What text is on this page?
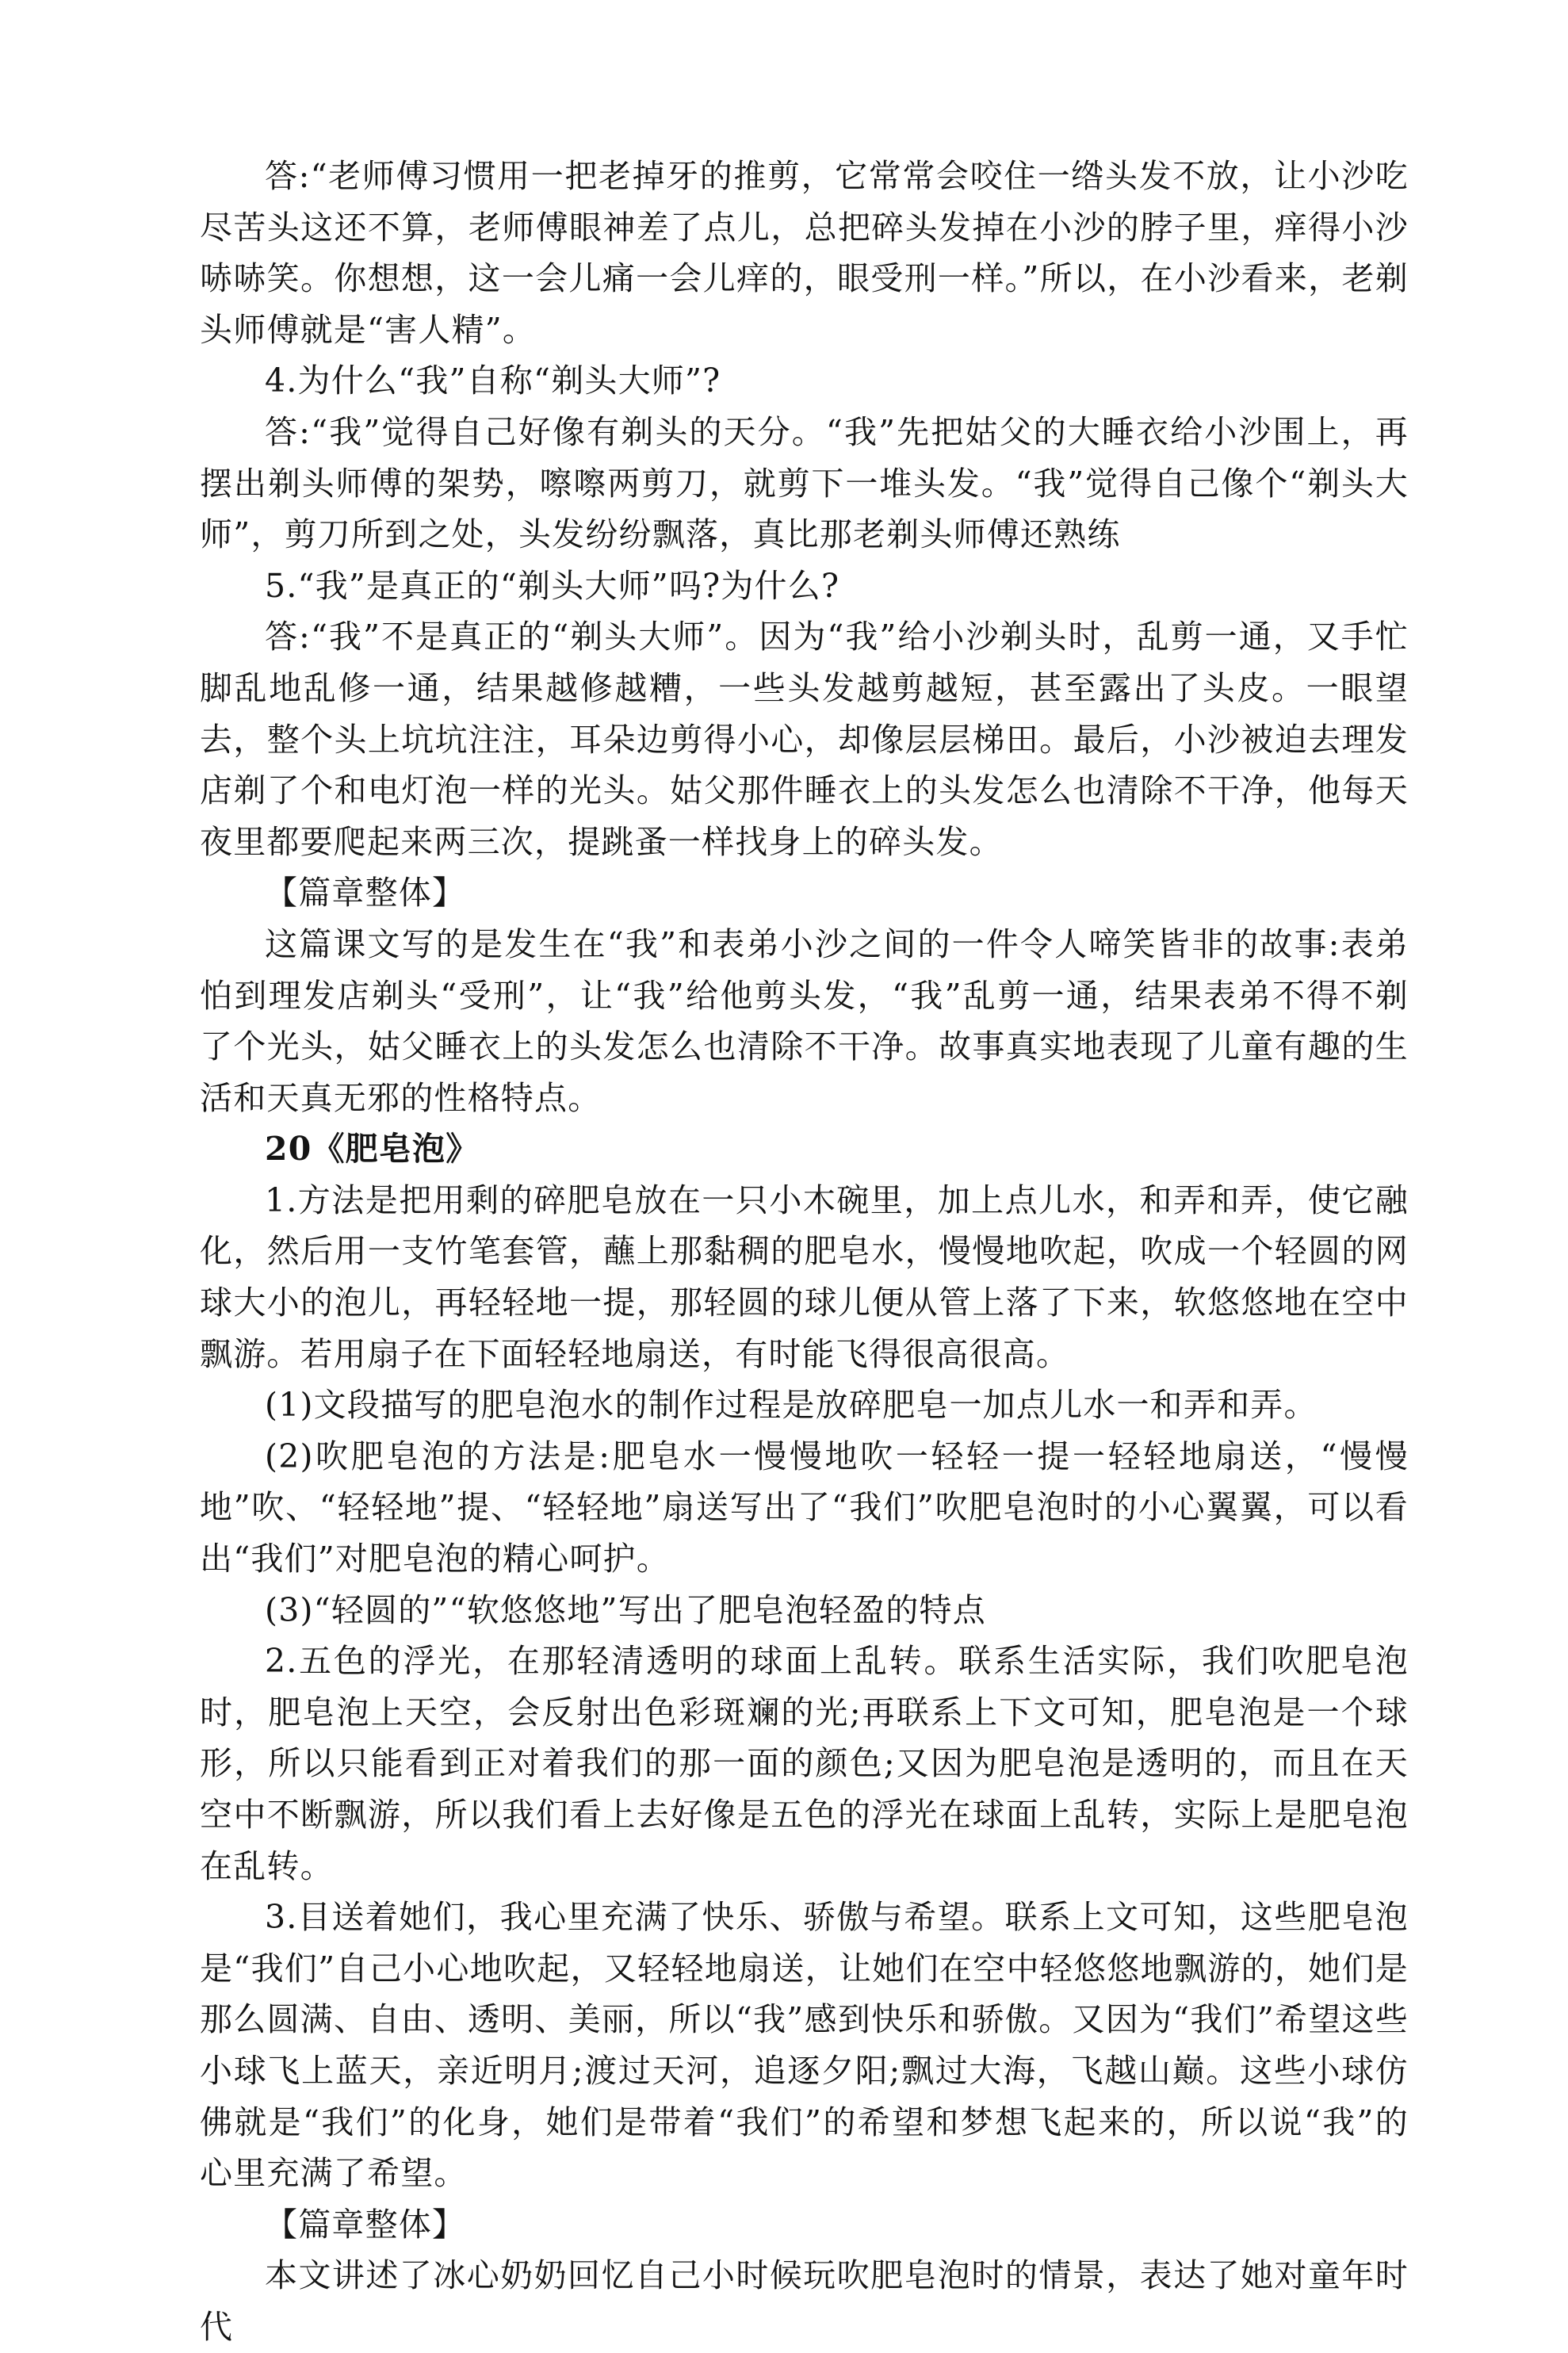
答:“老师傅习惯用一把老掉牙的推剪，它常常会咬住一绺头发不放，让小沙吃尽苦头这还不算，老师傅眼神差了点儿，总把碎头发掉在小沙的脖子里，痒得小沙哧哧笑。你想想，这一会儿痛一会儿痒的，眼受刑一样。”所以，在小沙看来，老剃头师傅就是“害人精”。

4.为什么“我”自称“剃头大师”?

答:“我”觉得自己好像有剃头的天分。“我”先把姑父的大睡衣给小沙围上，再摆出剃头师傅的架势，嚓嚓两剪刀，就剪下一堆头发。“我”觉得自己像个“剃头大师”，剪刀所到之处，头发纷纷飘落，真比那老剃头师傅还熟练

5.“我”是真正的“剃头大师”吗?为什么?

答:“我”不是真正的“剃头大师”。因为“我”给小沙剃头时，乱剪一通，又手忙脚乱地乱修一通，结果越修越糟，一些头发越剪越短，甚至露出了头皮。一眼望去，整个头上坑坑注注，耳朵边剪得小心，却像层层梯田。最后，小沙被迫去理发店剃了个和电灯泡一样的光头。姑父那件睡衣上的头发怎么也清除不干净，他每天夜里都要爬起来两三次，提跳蚤一样找身上的碎头发。

【篇章整体】

这篇课文写的是发生在“我”和表弟小沙之间的一件令人啼笑皆非的故事:表弟怕到理发店剃头“受刑”，让“我”给他剪头发，“我”乱剪一通，结果表弟不得不剃了个光头，姑父睡衣上的头发怎么也清除不干净。故事真实地表现了儿童有趣的生活和天真无邪的性格特点。

20《肥皂泡》

1.方法是把用剩的碎肥皂放在一只小木碗里，加上点儿水，和弄和弄，使它融化，然后用一支竹笔套管，蘸上那黏稠的肥皂水，慢慢地吹起，吹成一个轻圆的网球大小的泡儿，再轻轻地一提，那轻圆的球儿便从管上落了下来，软悠悠地在空中飘游。若用扇子在下面轻轻地扇送，有时能飞得很高很高。

(1)文段描写的肥皂泡水的制作过程是放碎肥皂一加点儿水一和弄和弄。

(2)吹肥皂泡的方法是:肥皂水一慢慢地吹一轻轻一提一轻轻地扇送，“慢慢地”吹、“轻轻地”提、“轻轻地”扇送写出了“我们”吹肥皂泡时的小心翼翼，可以看出“我们”对肥皂泡的精心呵护。

(3)“轻圆的”“软悠悠地”写出了肥皂泡轻盈的特点

2.五色的浮光，在那轻清透明的球面上乱转。联系生活实际，我们吹肥皂泡时，肥皂泡上天空，会反射出色彩斑斓的光;再联系上下文可知，肥皂泡是一个球形，所以只能看到正对着我们的那一面的颜色;又因为肥皂泡是透明的，而且在天空中不断飘游，所以我们看上去好像是五色的浮光在球面上乱转，实际上是肥皂泡在乱转。

3.目送着她们，我心里充满了快乐、骄傲与希望。联系上文可知，这些肥皂泡是“我们”自己小心地吹起，又轻轻地扇送，让她们在空中轻悠悠地飘游的，她们是那么圆满、自由、透明、美丽，所以“我”感到快乐和骄傲。又因为“我们”希望这些小球飞上蓝天，亲近明月;渡过天河，追逐夕阳;飘过大海，飞越山巅。这些小球仿佛就是“我们”的化身，她们是带着“我们”的希望和梦想飞起来的，所以说“我”的心里充满了希望。

【篇章整体】

本文讲述了冰心奶奶回忆自己小时候玩吹肥皂泡时的情景，表达了她对童年时代
